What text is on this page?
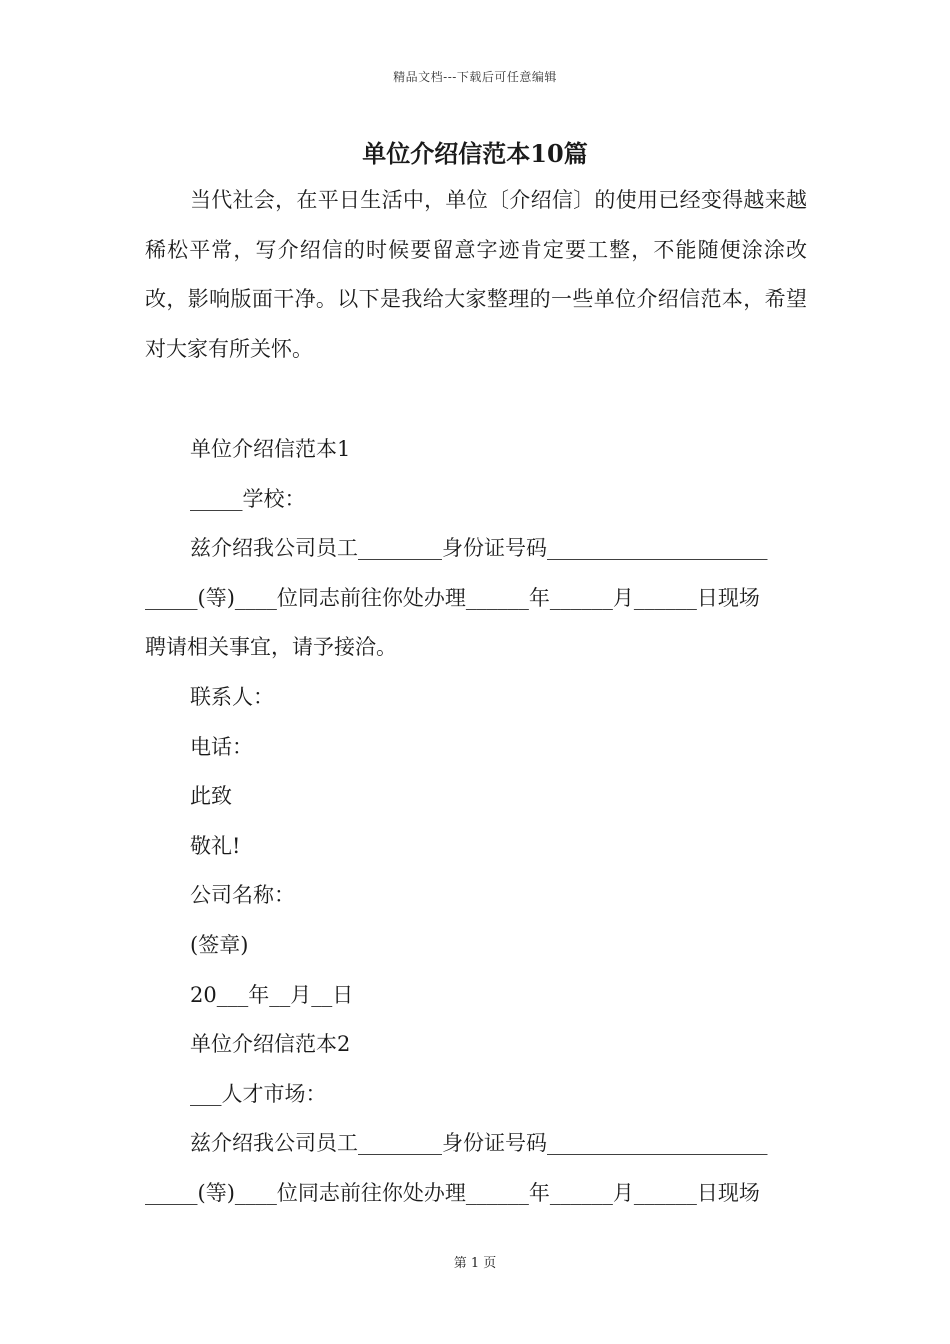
精品文档---下载后可任意编辑
单位介绍信范本10篇
当代社会，在平日生活中，单位〔介绍信〕的使用已经变得越来越稀松平常，写介绍信的时候要留意字迹肯定要工整，不能随便涂涂改改，影响版面干净。以下是我给大家整理的一些单位介绍信范本，希望对大家有所关怀。
单位介绍信范本1
_____学校：
兹介绍我公司员工________身份证号码_____________________
_____(等)____位同志前往你处办理______年______月______日现场
聘请相关事宜，请予接洽。
联系人：
电话：
此致
敬礼!
公司名称：
(签章)
20___年__月__日
单位介绍信范本2
___人才市场：
兹介绍我公司员工________身份证号码_____________________
_____(等)____位同志前往你处办理______年______月______日现场
第 1 页
